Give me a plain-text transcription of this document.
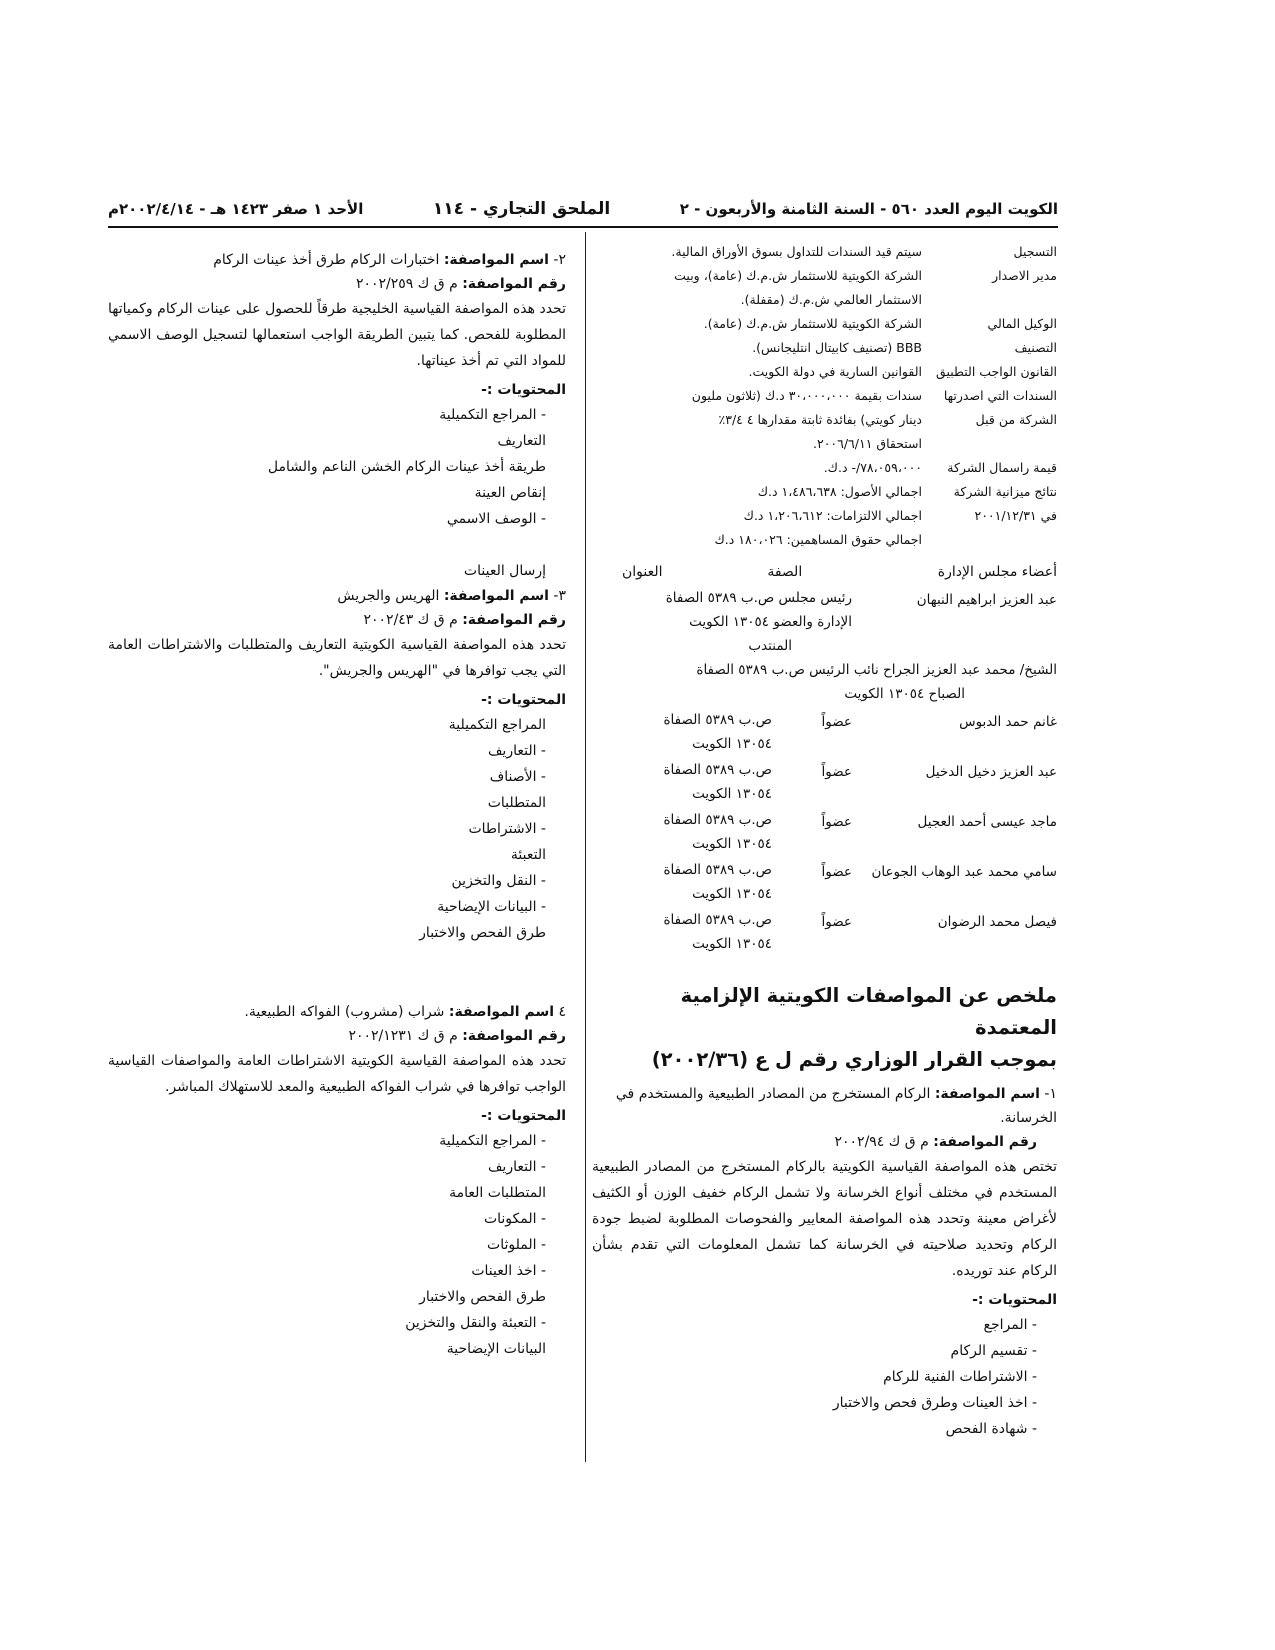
الكويت اليوم العدد ٥٦٠ - السنة الثامنة والأربعون - ٢
الملحق التجاري - ١١٤
الأحد ١ صفر ١٤٢٣ هـ - ٢٠٠٢/٤/١٤م
التسجيل

سيتم قيد السندات للتداول بسوق الأوراق المالية.

مدير الاصدار

الشركة الكويتية للاستثمار ش.م.ك (عامة)، وبيت

الاستثمار العالمي ش.م.ك (مقفلة).

الوكيل المالي

الشركة الكويتية للاستثمار ش.م.ك (عامة).

التصنيف

BBB (تصنيف كابيتال انتليجانس).

القانون الواجب التطبيق

القوانين السارية في دولة الكويت.

السندات التي اصدرتها

سندات بقيمة ٣٠،٠٠٠،٠٠٠ د.ك (ثلاثون مليون

الشركة من قبل

دينار كويتي) بفائدة ثابتة مقدارها ٤ ٣/٤٪

استحقاق ٢٠٠٦/٦/١١.

قيمة راسمال الشركة

٧٨،٠٥٩،٠٠٠/- د.ك.

نتائج ميزانية الشركة

اجمالي الأصول: ١،٤٨٦،٦٣٨ د.ك

في ٢٠٠١/١٢/٣١

اجمالي الالتزامات: ١،٢٠٦،٦١٢ د.ك

اجمالي حقوق المساهمين: ١٨٠،٠٢٦ د.ك

أعضاء مجلس الإدارة
الصفة
العنوان
عبد العزيز ابراهيم النبهان

رئيس مجلس ص.ب ٥٣٨٩ الصفاة

الإدارة والعضو ١٣٠٥٤ الكويت

المنتدب

الشيخ/ محمد عبد العزيز الجراح نائب الرئيس ص.ب ٥٣٨٩ الصفاة

الصباح ١٣٠٥٤ الكويت

غانم حمد الدبوس
عضواً

ص.ب ٥٣٨٩ الصفاة

١٣٠٥٤ الكويت

عبد العزيز دخيل الدخيل
عضواً

ص.ب ٥٣٨٩ الصفاة

١٣٠٥٤ الكويت

ماجد عيسى أحمد العجيل
عضواً

ص.ب ٥٣٨٩ الصفاة

١٣٠٥٤ الكويت

سامي محمد عبد الوهاب الجوعان
عضواً

ص.ب ٥٣٨٩ الصفاة

١٣٠٥٤ الكويت

فيصل محمد الرضوان
عضواً

ص.ب ٥٣٨٩ الصفاة

١٣٠٥٤ الكويت

ملخص عن المواصفات الكويتية الإلزامية المعتمدة
بموجب القرار الوزاري رقم ل ع (٢٠٠٢/٣٦)

١- اسم المواصفة: الركام المستخرج من المصادر الطبيعية والمستخدم في الخرسانة.

رقم المواصفة: م ق ك ٢٠٠٢/٩٤

تختص هذه المواصفة القياسية الكويتية بالركام المستخرج من المصادر الطبيعية المستخدم في مختلف أنواع الخرسانة ولا تشمل الركام خفيف الوزن أو الكثيف لأغراض معينة وتحدد هذه المواصفة المعايير والفحوصات المطلوبة لضبط جودة الركام وتحديد صلاحيته في الخرسانة كما تشمل المعلومات التي تقدم بشأن الركام عند توريده.

المحتويات :-

- المراجع
- تقسيم الركام
- الاشتراطات الفنية للركام
- اخذ العينات وطرق فحص والاختبار
- شهادة الفحص

٢- اسم المواصفة: اختبارات الركام طرق أخذ عينات الركام

رقم المواصفة: م ق ك ٢٠٠٢/٢٥٩

تحدد هذه المواصفة القياسية الخليجية طرقاً للحصول على عينات الركام وكمياتها المطلوبة للفحص. كما يتبين الطريقة الواجب استعمالها لتسجيل الوصف الاسمي للمواد التي تم أخذ عيناتها.

المحتويات :-

- المراجع التكميلية
التعاريف
طريقة أخذ عينات الركام الخشن الناعم والشامل
إنقاص العينة
- الوصف الاسمي
إرسال العينات

٣- اسم المواصفة: الهريس والجريش

رقم المواصفة: م ق ك ٢٠٠٢/٤٣

تحدد هذه المواصفة القياسية الكويتية التعاريف والمتطلبات والاشتراطات العامة التي يجب توافرها في "الهريس والجريش".

المحتويات :-

المراجع التكميلية
- التعاريف
- الأصناف
المتطلبات
- الاشتراطات
التعبئة
- النقل والتخزين
- البيانات الإيضاحية
طرق الفحص والاختبار

٤ اسم المواصفة: شراب (مشروب) الفواكه الطبيعية.

رقم المواصفة: م ق ك ٢٠٠٢/١٢٣١

تحدد هذه المواصفة القياسية الكويتية الاشتراطات العامة والمواصفات القياسية الواجب توافرها في شراب الفواكه الطبيعية والمعد للاستهلاك المباشر.

المحتويات :-

- المراجع التكميلية
- التعاريف
المتطلبات العامة
- المكونات
- الملوثات
- اخذ العينات
طرق الفحص والاختبار
- التعبئة والنقل والتخزين
البيانات الإيضاحية
